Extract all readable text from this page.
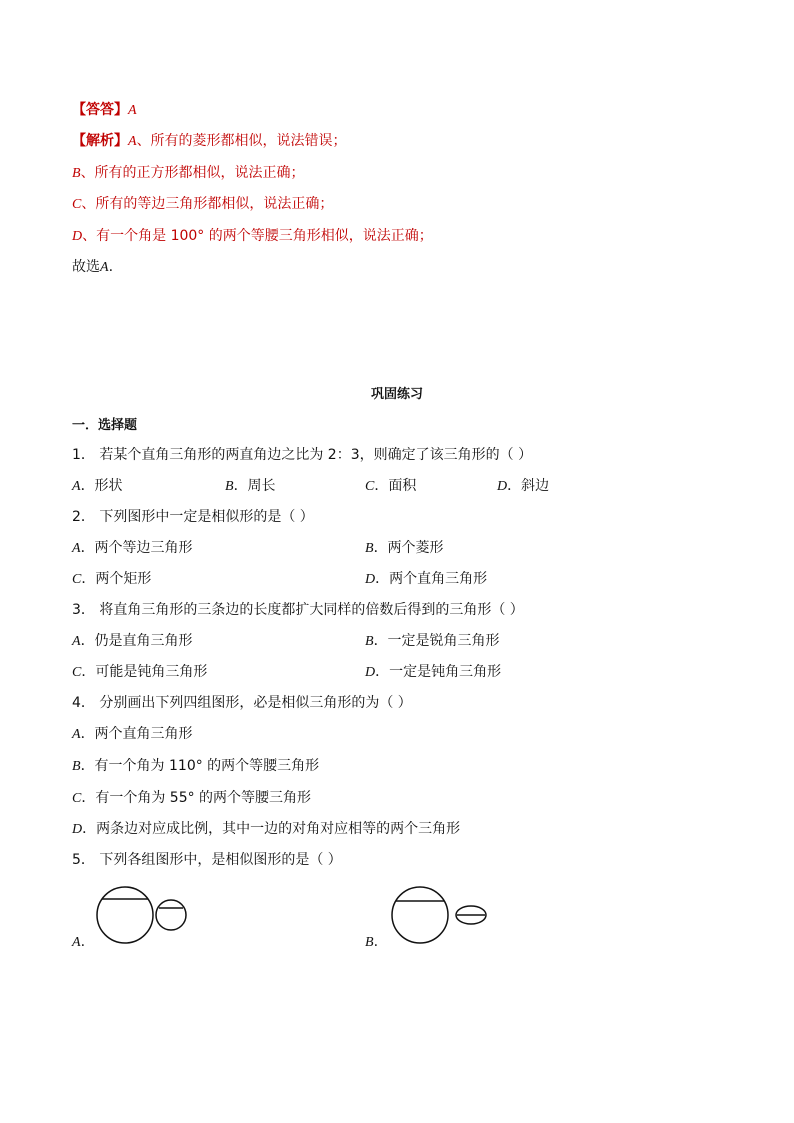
【答答】A
【解析】A、所有的菱形都相似，说法错误；
B、所有的正方形都相似，说法正确；
C、所有的等边三角形都相似，说法正确；
D、有一个角是 100° 的两个等腰三角形相似，说法正确；
故选A.
巩固练习
一．选择题
1． 若某个直角三角形的两直角边之比为 2：3，则确定了该三角形的（ ）
A．形状	B．周长	C．面积	D．斜边
2． 下列图形中一定是相似形的是（ ）
A．两个等边三角形	B．两个菱形
C．两个矩形	D．两个直角三角形
3． 将直角三角形的三条边的长度都扩大同样的倍数后得到的三角形（ ）
A．仍是直角三角形	B．一定是锐角三角形
C．可能是钝角三角形	D．一定是钝角三角形
4． 分别画出下列四组图形，必是相似三角形的为（ ）
A．两个直角三角形
B．有一个角为 110° 的两个等腰三角形
C．有一个角为 55° 的两个等腰三角形
D．两条边对应成比例，其中一边的对角对应相等的两个三角形
5． 下列各组图形中，是相似图形的是（ ）
A.	B.
